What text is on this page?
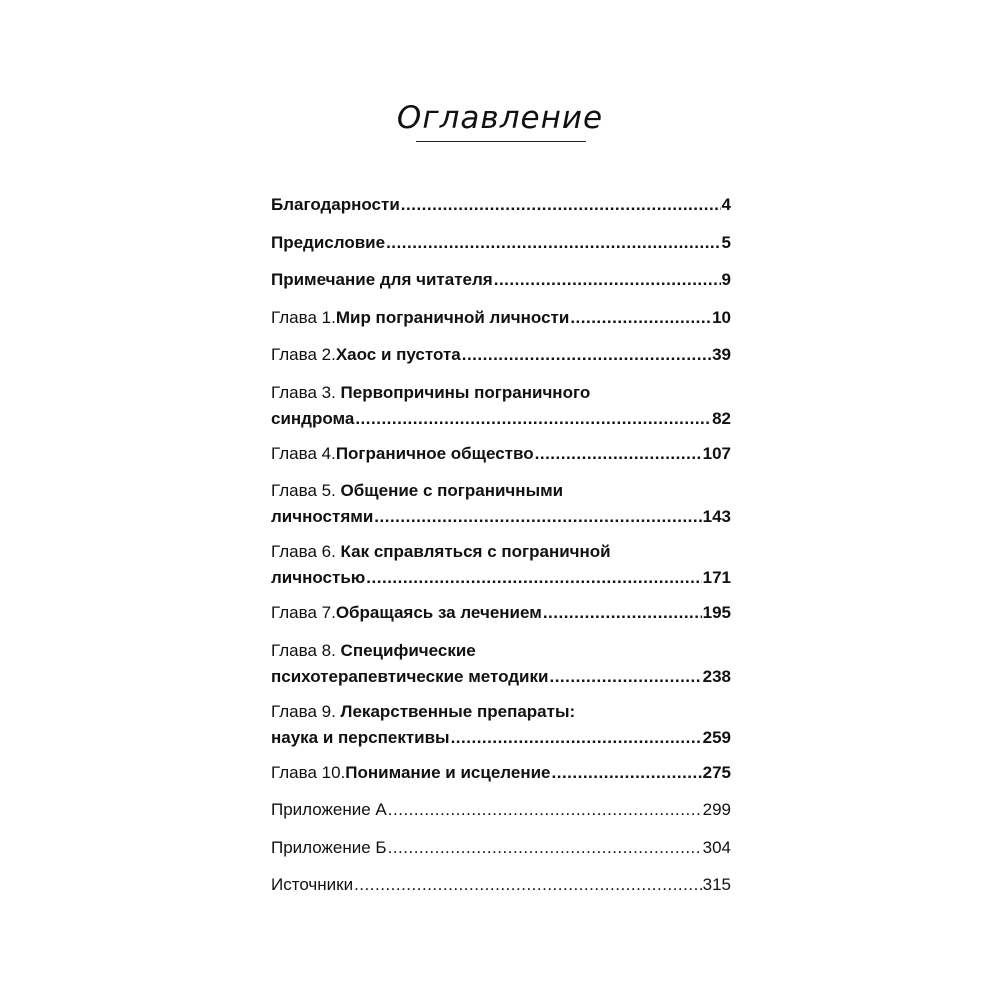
Оглавление
Благодарности .....	4
Предисловие .....	5
Примечание для читателя .....	9
Глава 1. Мир пограничной личности .....	10
Глава 2. Хаос и пустота .....	39
Глава 3. Первопричины пограничного
синдрома .....	82
Глава 4. Пограничное общество .....	107
Глава 5. Общение с пограничными
личностями .....	143
Глава 6. Как справляться с пограничной
личностью .....	171
Глава 7. Обращаясь за лечением .....	195
Глава 8. Специфические
психотерапевтические методики .....	238
Глава 9. Лекарственные препараты:
наука и перспективы .....	259
Глава 10. Понимание и исцеление .....	275
Приложение А .....	299
Приложение Б .....	304
Источники .....	315
